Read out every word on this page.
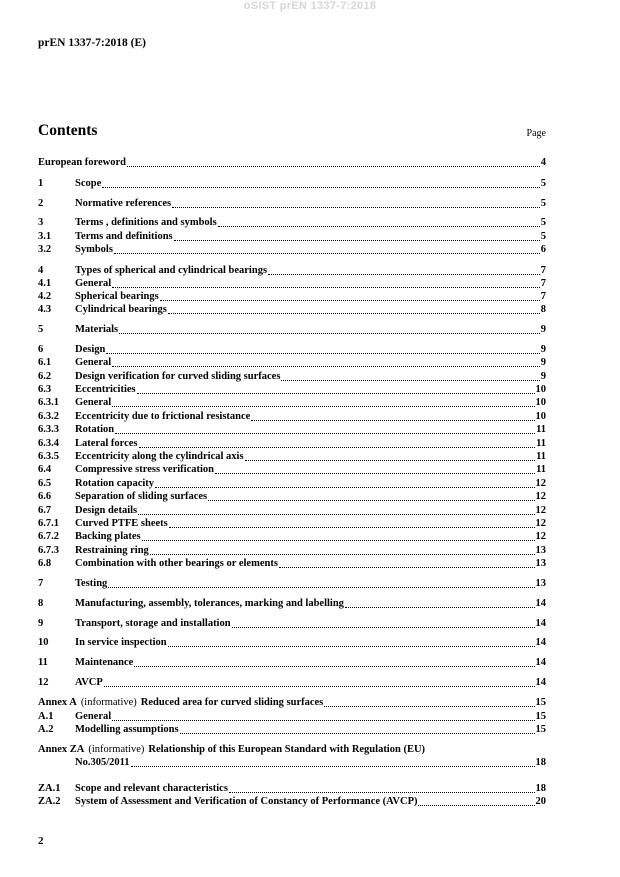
oSIST prEN 1337-7:2018
prEN 1337-7:2018 (E)
Contents	Page
European foreword	4
1	Scope	5
2	Normative references	5
3	Terms , definitions and symbols	5
3.1	Terms and definitions	5
3.2	Symbols	6
4	Types of spherical and cylindrical bearings	7
4.1	General	7
4.2	Spherical bearings	7
4.3	Cylindrical bearings	8
5	Materials	9
6	Design	9
6.1	General	9
6.2	Design verification for curved sliding surfaces	9
6.3	Eccentricities	10
6.3.1	General	10
6.3.2	Eccentricity due to frictional resistance	10
6.3.3	Rotation	11
6.3.4	Lateral forces	11
6.3.5	Eccentricity along the cylindrical axis	11
6.4	Compressive stress verification	11
6.5	Rotation capacity	12
6.6	Separation of sliding surfaces	12
6.7	Design details	12
6.7.1	Curved PTFE sheets	12
6.7.2	Backing plates	12
6.7.3	Restraining ring	13
6.8	Combination with other bearings or elements	13
7	Testing	13
8	Manufacturing, assembly, tolerances, marking and labelling	14
9	Transport, storage and installation	14
10	In service inspection	14
11	Maintenance	14
12	AVCP	14
Annex A (informative) Reduced area for curved sliding surfaces	15
A.1	General	15
A.2	Modelling assumptions	15
Annex ZA (informative) Relationship of this European Standard with Regulation (EU)
No.305/2011	18
ZA.1	Scope and relevant characteristics	18
ZA.2	System of Assessment and Verification of Constancy of Performance (AVCP)	20
2
